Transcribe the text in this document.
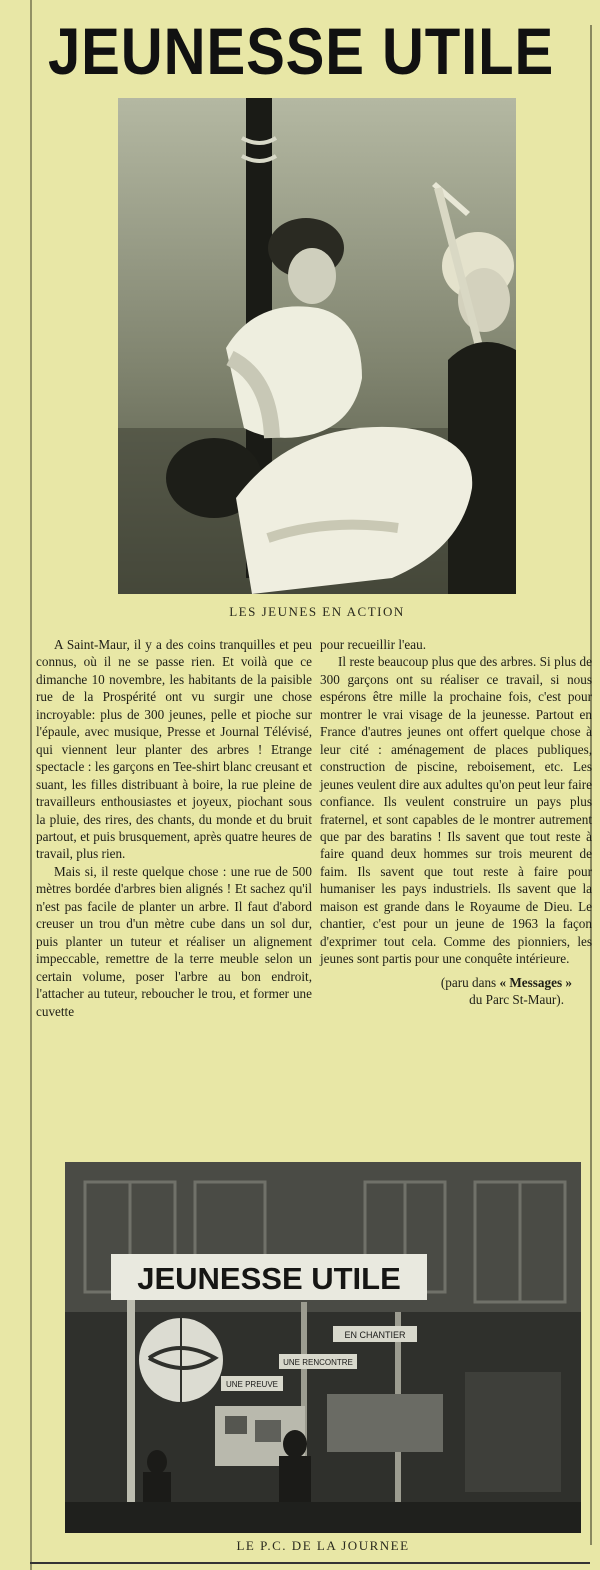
JEUNESSE UTILE
LES JEUNES EN ACTION

A Saint-Maur, il y a des coins tranquilles et peu connus, où il ne se passe rien. Et voilà que ce dimanche 10 novembre, les habitants de la paisible rue de la Prospérité ont vu surgir une chose incroyable: plus de 300 jeunes, pelle et pioche sur l'épaule, avec musique, Presse et Journal Télévisé, qui viennent leur planter des arbres ! Etrange spectacle : les garçons en Tee-shirt blanc creusant et suant, les filles distribuant à boire, la rue pleine de travailleurs enthousiastes et joyeux, piochant sous la pluie, des rires, des chants, du monde et du bruit partout, et puis brusquement, après quatre heures de travail, plus rien.

Mais si, il reste quelque chose : une rue de 500 mètres bordée d'arbres bien alignés ! Et sachez qu'il n'est pas facile de planter un arbre. Il faut d'abord creuser un trou d'un mètre cube dans un sol dur, puis planter un tuteur et réaliser un alignement impeccable, remettre de la terre meuble selon un certain volume, poser l'arbre au bon endroit, l'attacher au tuteur, reboucher le trou, et former une cuvette

pour recueillir l'eau.

Il reste beaucoup plus que des arbres. Si plus de 300 garçons ont su réaliser ce travail, si nous espérons être mille la prochaine fois, c'est pour montrer le vrai visage de la jeunesse. Partout en France d'autres jeunes ont offert quelque chose à leur cité : aménagement de places publiques, construction de piscine, reboisement, etc. Les jeunes veulent dire aux adultes qu'on peut leur faire confiance. Ils veulent construire un pays plus fraternel, et sont capables de le montrer autrement que par des baratins ! Ils savent que tout reste à faire quand deux hommes sur trois meurent de faim. Ils savent que tout reste à faire pour humaniser les pays industriels. Ils savent que la maison est grande dans le Royaume de Dieu. Le chantier, c'est pour un jeune de 1963 la façon d'exprimer tout cela. Comme des pionniers, les jeunes sont partis pour une conquête intérieure.

(paru dans « Messages »

du Parc St-Maur).

JEUNESSE UTILE
EN CHANTIER
UNE RENCONTRE
UNE PREUVE
LE P.C. DE LA JOURNEE
